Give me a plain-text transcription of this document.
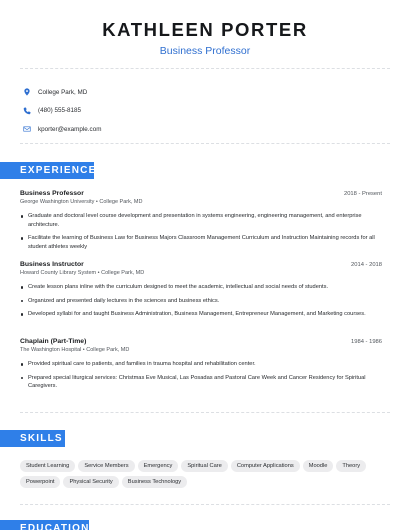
KATHLEEN PORTER
Business Professor
College Park, MD
(480) 555-8185
kporter@example.com
EXPERIENCE
Business Professor	2018 - Present
George Washington University • College Park, MD
Graduate and doctoral level course development and presentation in systems engineering, engineering management, and enterprise architecture.
Facilitate the learning of Business Law for Business Majors Classroom Management Curriculum and Instruction Maintaining records for all student athletes weekly
Business Instructor	2014 - 2018
Howard County Library System • College Park, MD
Create lesson plans inline with the curriculum designed to meet the academic, intellectual and social needs of students.
Organized and presented daily lectures in the sciences and business ethics.
Developed syllabi for and taught Business Administration, Business Management, Entrepreneur Management, and Marketing courses.
Chaplain (Part-Time)	1984 - 1986
The Washington Hospital • College Park, MD
Provided spiritual care to patients, and families in trauma hospital and rehabilitation center.
Prepared special liturgical services: Christmas Eve Musical, Las Posadas and Pastoral Care Week and Cancer Residency for Spiritual Caregivers.
SKILLS
Student Learning	Service Members	Emergency	Spiritual Care	Computer Applications	Moodle	Theory
Powerpoint	Physical Security	Business Technology
EDUCATION
